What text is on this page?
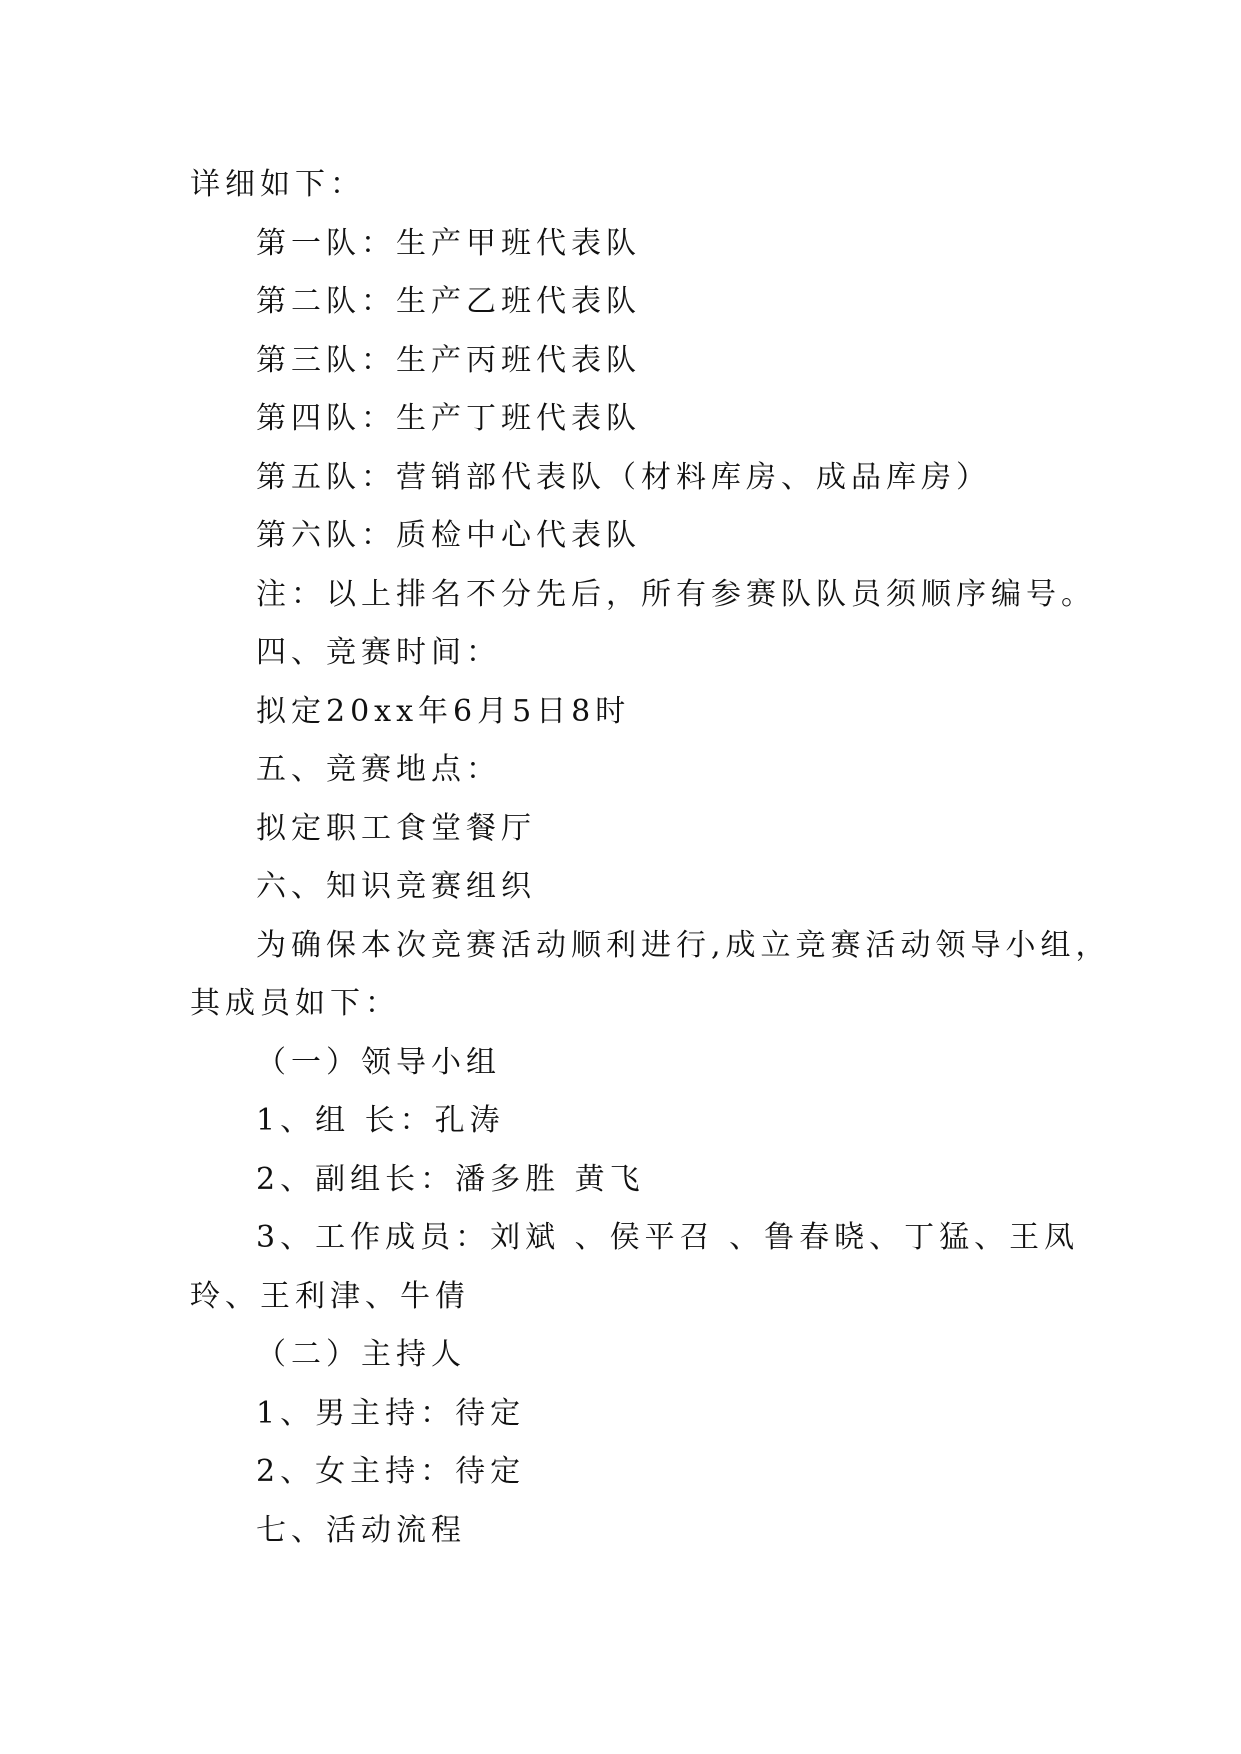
详细如下：
第一队：生产甲班代表队
第二队：生产乙班代表队
第三队：生产丙班代表队
第四队：生产丁班代表队
第五队：营销部代表队（材料库房、成品库房）
第六队：质检中心代表队
注：以上排名不分先后，所有参赛队队员须顺序编号。
四、竞赛时间：
拟定20xx年6月5日8时
五、竞赛地点：
拟定职工食堂餐厅
六、知识竞赛组织
为确保本次竞赛活动顺利进行,成立竞赛活动领导小组，
其成员如下：
（一）领导小组
1、组 长：孔涛
2、副组长：潘多胜 黄飞
3、工作成员：刘斌 、侯平召 、鲁春晓、丁猛、王凤
玲、王利津、牛倩
（二）主持人
1、男主持：待定
2、女主持：待定
七、活动流程
